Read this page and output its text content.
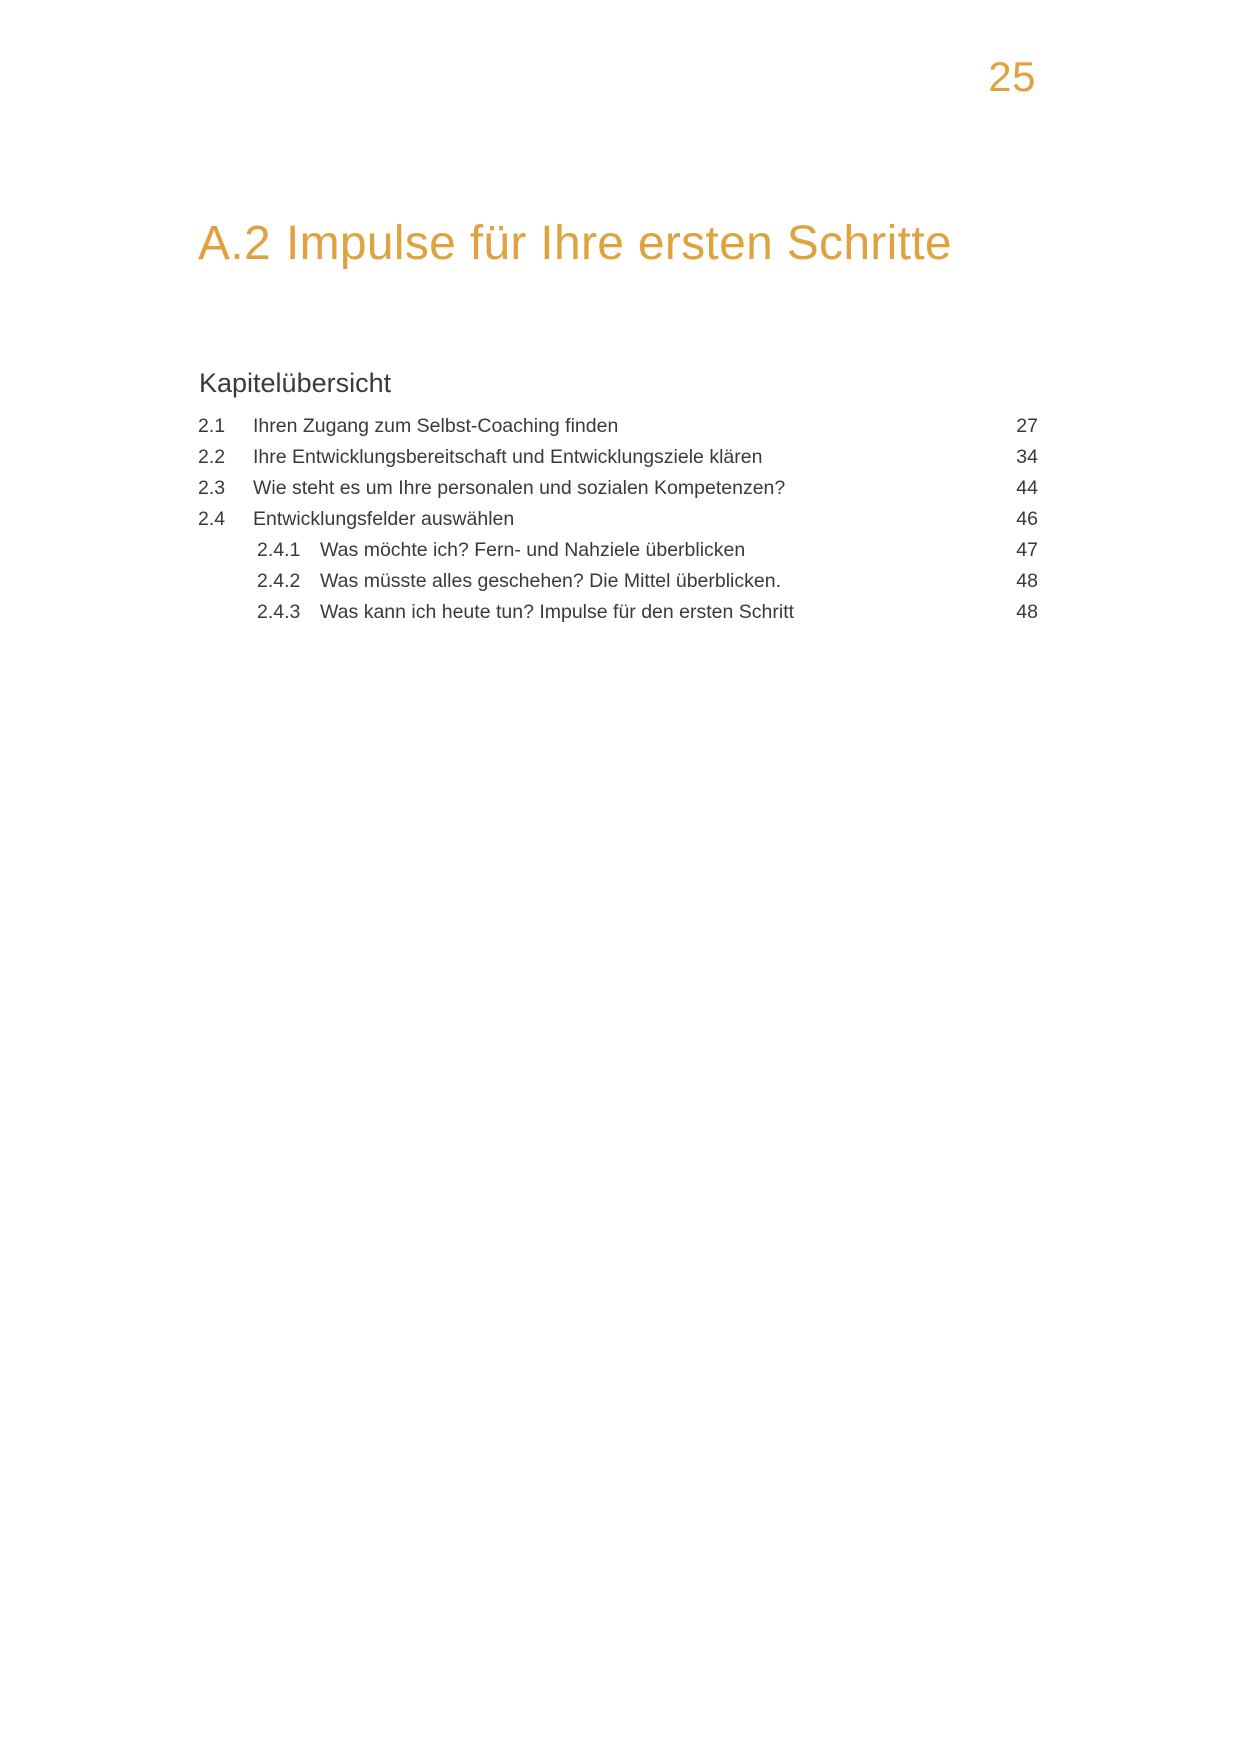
25
A.2 Impulse für Ihre ersten Schritte
Kapitelübersicht
2.1	Ihren Zugang zum Selbst-Coaching finden	27
2.2	Ihre Entwicklungsbereitschaft und Entwicklungsziele klären	34
2.3	Wie steht es um Ihre personalen und sozialen Kompetenzen?	44
2.4	Entwicklungsfelder auswählen	46
2.4.1	Was möchte ich? Fern- und Nahziele überblicken	47
2.4.2	Was müsste alles geschehen? Die Mittel überblicken.	48
2.4.3	Was kann ich heute tun? Impulse für den ersten Schritt	48
